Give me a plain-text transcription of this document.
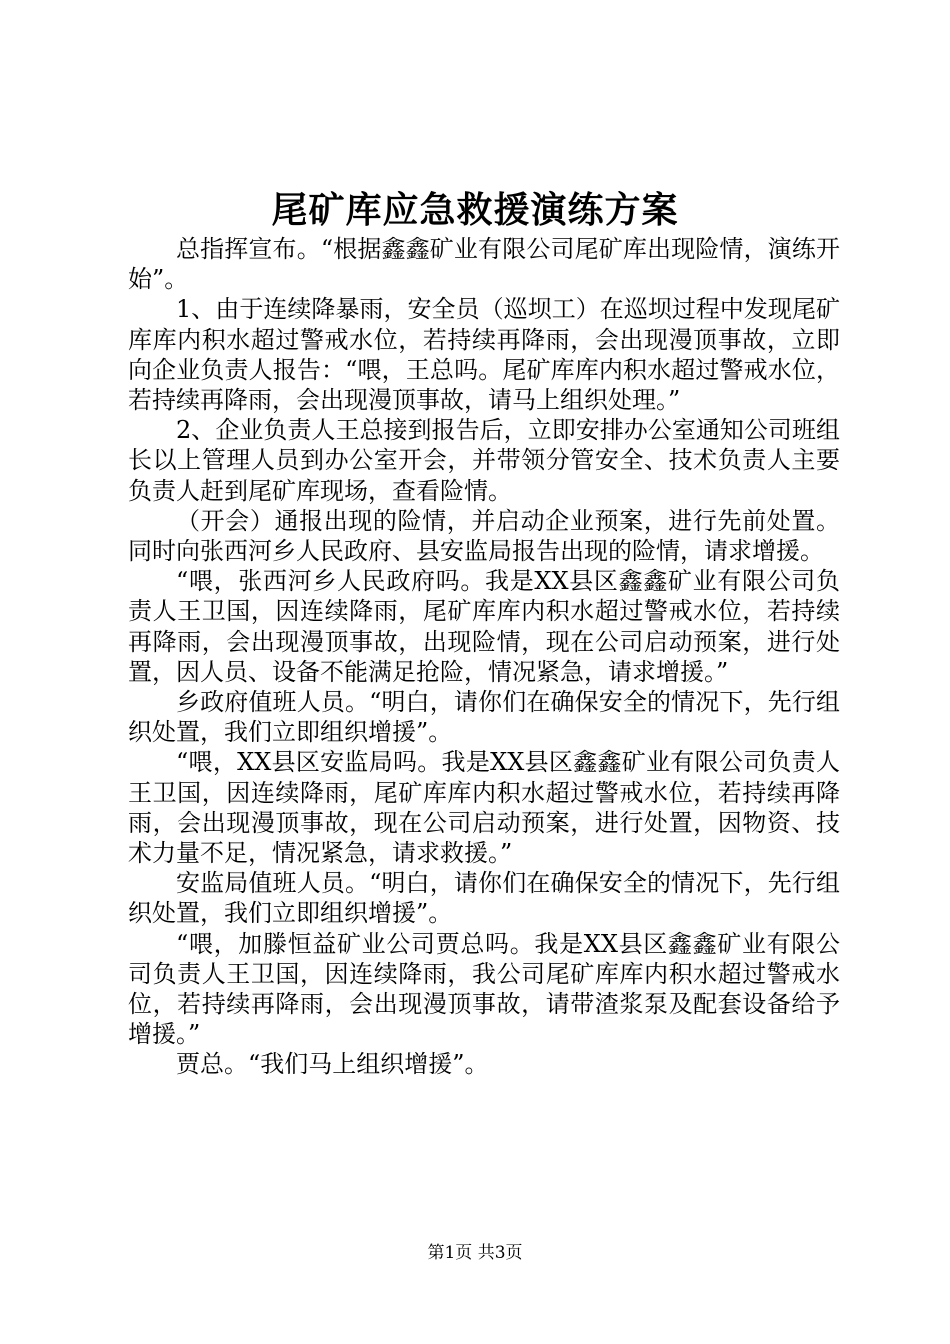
尾矿库应急救援演练方案

总指挥宣布。“根据鑫鑫矿业有限公司尾矿库出现险情，演练开始”。

1、由于连续降暴雨，安全员（巡坝工）在巡坝过程中发现尾矿库库内积水超过警戒水位，若持续再降雨，会出现漫顶事故，立即向企业负责人报告：“喂，王总吗。尾矿库库内积水超过警戒水位，若持续再降雨，会出现漫顶事故，请马上组织处理。”

2、企业负责人王总接到报告后，立即安排办公室通知公司班组长以上管理人员到办公室开会，并带领分管安全、技术负责人主要负责人赶到尾矿库现场，查看险情。

（开会）通报出现的险情，并启动企业预案，进行先前处置。同时向张西河乡人民政府、县安监局报告出现的险情，请求增援。

“喂，张西河乡人民政府吗。我是XX县区鑫鑫矿业有限公司负责人王卫国，因连续降雨，尾矿库库内积水超过警戒水位，若持续再降雨，会出现漫顶事故，出现险情，现在公司启动预案，进行处置，因人员、设备不能满足抢险，情况紧急，请求增援。”

乡政府值班人员。“明白，请你们在确保安全的情况下，先行组织处置，我们立即组织增援”。

“喂，XX县区安监局吗。我是XX县区鑫鑫矿业有限公司负责人王卫国，因连续降雨，尾矿库库内积水超过警戒水位，若持续再降雨，会出现漫顶事故，现在公司启动预案，进行处置，因物资、技术力量不足，情况紧急，请求救援。”

安监局值班人员。“明白，请你们在确保安全的情况下，先行组织处置，我们立即组织增援”。

“喂，加滕恒益矿业公司贾总吗。我是XX县区鑫鑫矿业有限公司负责人王卫国，因连续降雨，我公司尾矿库库内积水超过警戒水位，若持续再降雨，会出现漫顶事故，请带渣浆泵及配套设备给予增援。”

贾总。“我们马上组织增援”。

第1页 共3页
